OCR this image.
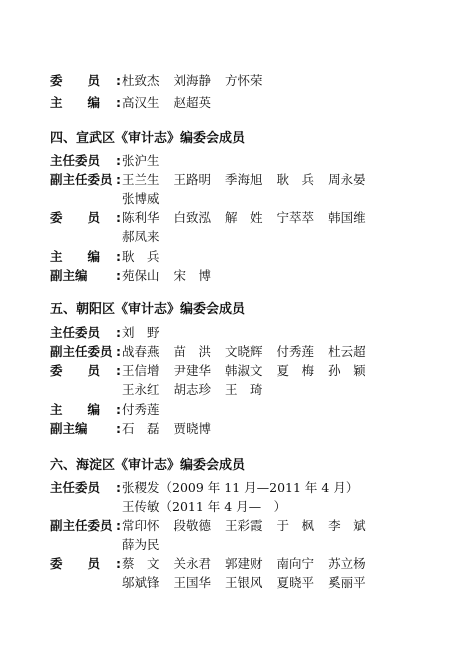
委　　员 : 杜致杰 刘海静 方怀荣
主　　编 : 高汉生 赵超英
四、宣武区《审计志》编委会成员
主任委员 : 张沪生
副主任委员 : 王兰生 王路明 季海旭 耿　兵 周永晏
张博威
委　　员 : 陈利华 白致泓 解　姓 宁萃萃 韩国维
郝凤来
主　　编 : 耿　兵
副主编 : 苑保山 宋　博
五、朝阳区《审计志》编委会成员
主任委员 : 刘　野
副主任委员 : 战春燕 苗　洪 文晓辉 付秀莲 杜云超
委　　员 : 王信增 尹建华 韩淑文 夏　梅 孙　颖
王永红 胡志珍 王　琦
主　　编 : 付秀莲
副主编 : 石　磊 贾晓博
六、海淀区《审计志》编委会成员
主任委员 : 张稷发（2009 年 11 月—2011 年 4 月）
王传敏（2011 年 4 月—　）
副主任委员 : 常印怀 段敬德 王彩霞 于　枫 李　斌
薛为民
委　　员 : 蔡　文 关永君 郭建财 南向宁 苏立杨
邬斌锋 王国华 王银风 夏晓平 奚丽平
